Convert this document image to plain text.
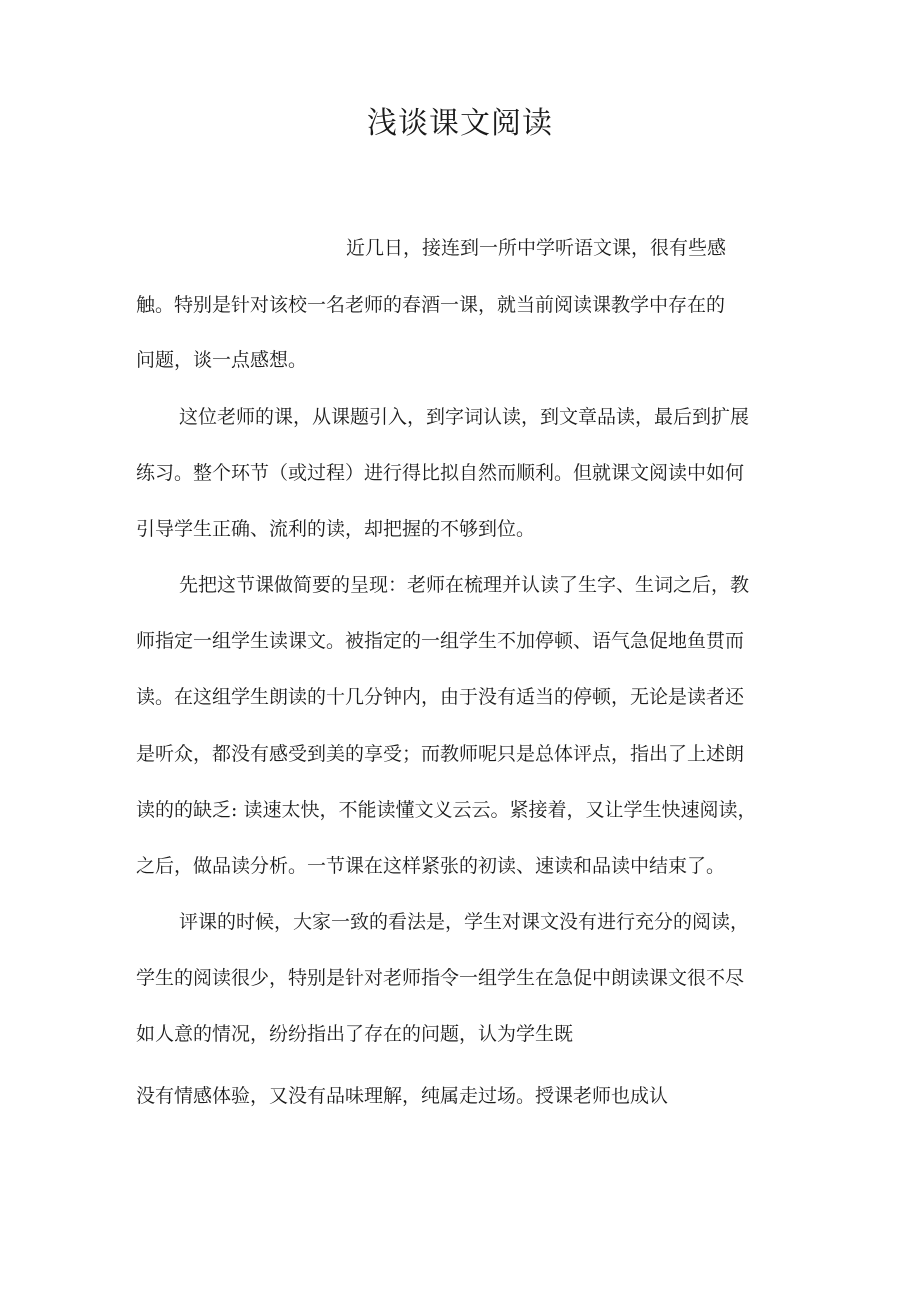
浅谈课文阅读
近几日，接连到一所中学听语文课，很有些感
触。特别是针对该校一名老师的春酒一课，就当前阅读课教学中存在的
问题，谈一点感想。
这位老师的课，从课题引入，到字词认读，到文章品读，最后到扩展
练习。整个环节（或过程）进行得比拟自然而顺利。但就课文阅读中如何
引导学生正确、流利的读，却把握的不够到位。
先把这节课做简要的呈现：老师在梳理并认读了生字、生词之后，教
师指定一组学生读课文。被指定的一组学生不加停顿、语气急促地鱼贯而
读。在这组学生朗读的十几分钟内，由于没有适当的停顿，无论是读者还
是听众，都没有感受到美的享受；而教师呢只是总体评点，指出了上述朗
读的的缺乏: 读速太快，不能读懂文义云云。紧接着，又让学生快速阅读，
之后，做品读分析。一节课在这样紧张的初读、速读和品读中结束了。
评课的时候，大家一致的看法是，学生对课文没有进行充分的阅读，
学生的阅读很少，特别是针对老师指令一组学生在急促中朗读课文很不尽
如人意的情况，纷纷指出了存在的问题，认为学生既
没有情感体验，又没有品味理解，纯属走过场。授课老师也成认
